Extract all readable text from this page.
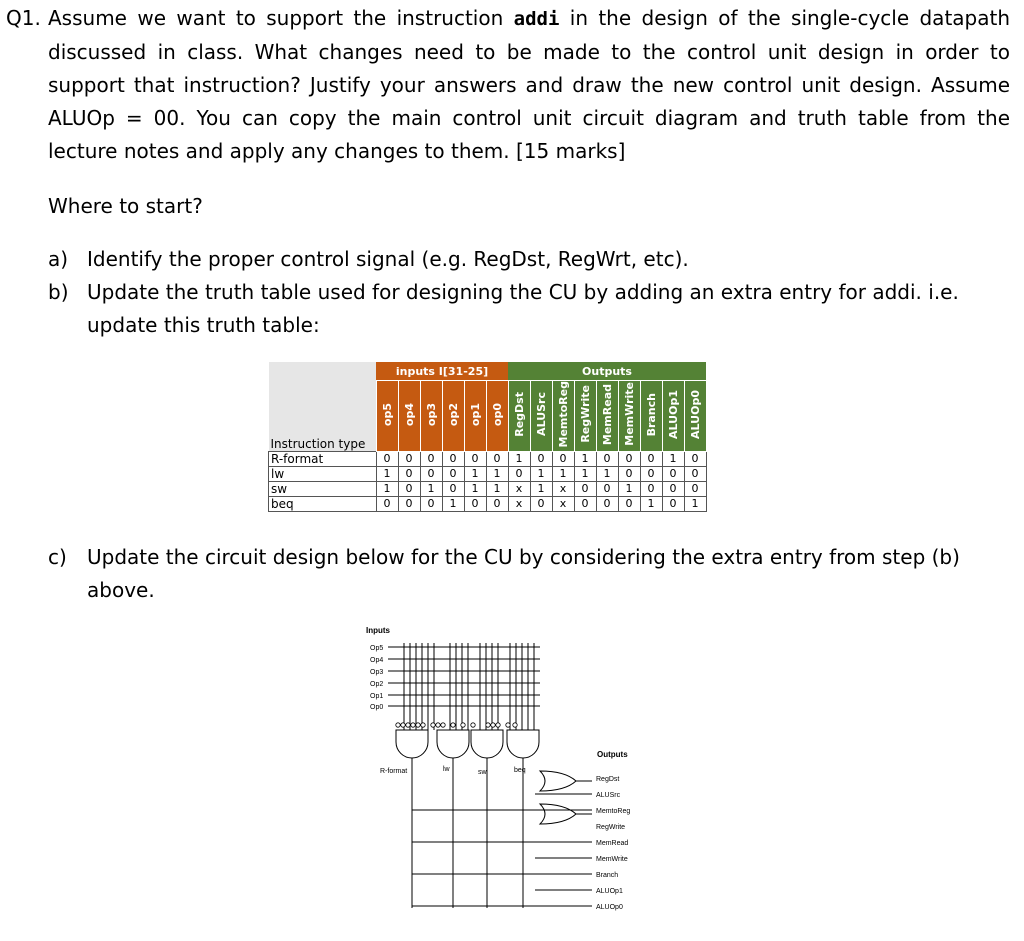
Q1. Assume we want to support the instruction addi in the design of the single-cycle datapath discussed in class. What changes need to be made to the control unit design in order to support that instruction? Justify your answers and draw the new control unit design. Assume ALUOp = 00. You can copy the main control unit circuit diagram and truth table from the lecture notes and apply any changes to them. [15 marks]
Where to start?
a) Identify the proper control signal (e.g. RegDst, RegWrt, etc).
b) Update the truth table used for designing the CU by adding an extra entry for addi. i.e. update this truth table:
Instruction type	inputs I[31-25]						Outputs								
	op5	op4	op3	op2	op1	op0	RegDst	ALUSrc	MemtoReg	RegWrite	MemRead	MemWrite	Branch	ALUOp1	ALUOp0
R-format	0	0	0	0	0	0	1	0	0	1	0	0	0	1	0
lw	1	0	0	0	1	1	0	1	1	1	1	0	0	0	0
sw	1	0	1	0	1	1	x	1	x	0	0	1	0	0	0
beq	0	0	0	1	0	0	x	0	x	0	0	0	1	0	1
c) Update the circuit design below for the CU by considering the extra entry from step (b) above.
Inputs
Outputs
Op5
Op4
Op3
Op2
Op1
Op0
R-format	lw	sw	beq
RegDst
ALUSrc
MemtoReg
RegWrite
MemRead
MemWrite
Branch
ALUOp1
ALUOp0
